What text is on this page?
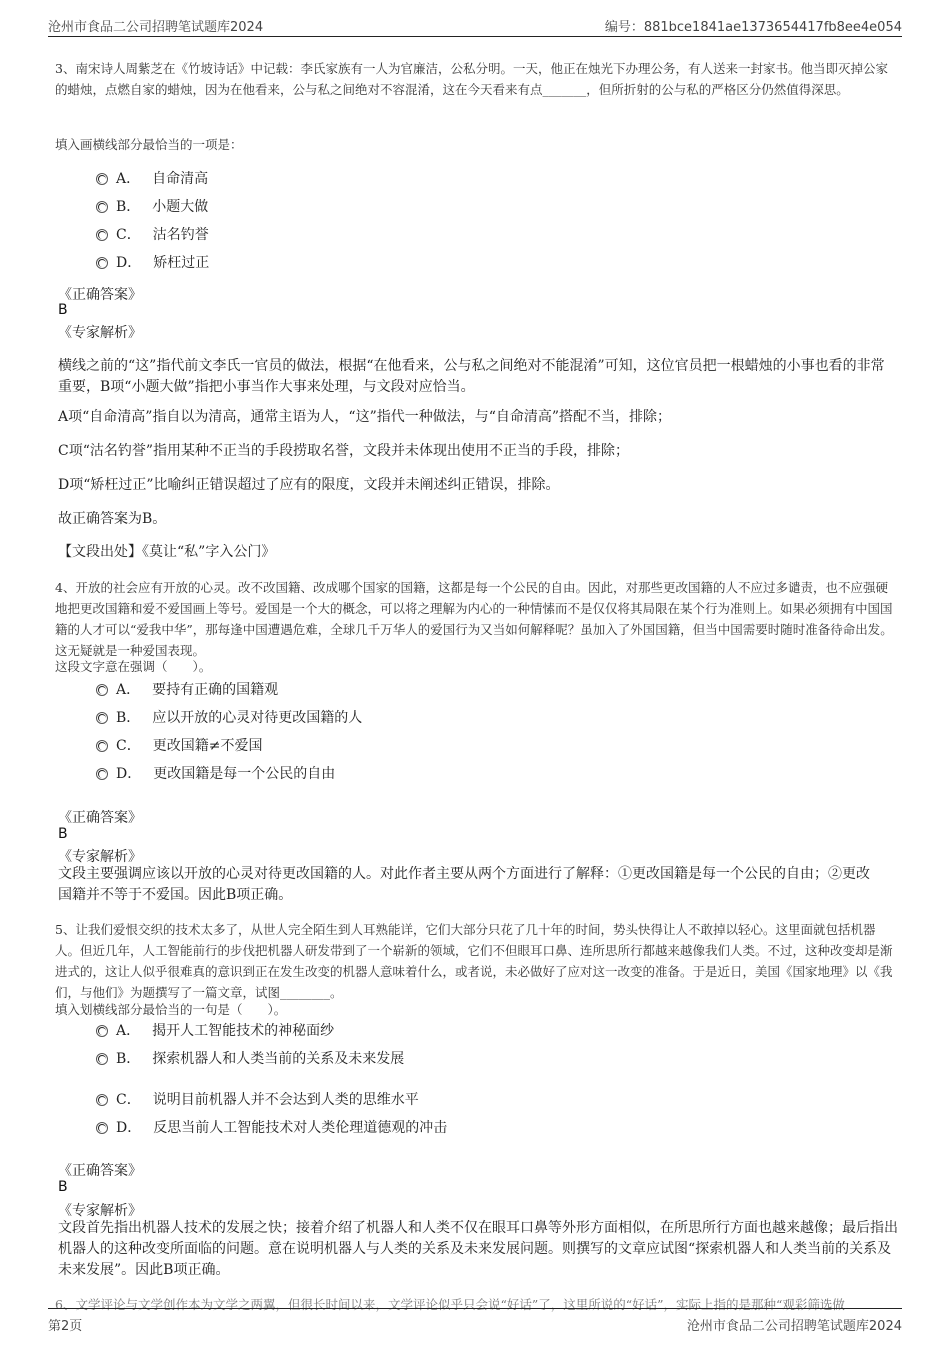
沧州市食品二公司招聘笔试题库2024	编号：881bce1841ae1373654417fb8ee4e054
3、南宋诗人周紫芝在《竹坡诗话》中记载：李氏家族有一人为官廉洁，公私分明。一天，他正在烛光下办理公务，有人送来一封家书。他当即灭掉公家的蜡烛，点燃自家的蜡烛，因为在他看来，公与私之间绝对不容混淆，这在今天看来有点_______，但所折射的公与私的严格区分仍然值得深思。
填入画横线部分最恰当的一项是：
A． 自命清高
B． 小题大做
C． 沽名钓誉
D． 矫枉过正
《正确答案》
B
《专家解析》
横线之前的“这”指代前文李氏一官员的做法，根据“在他看来，公与私之间绝对不能混淆”可知，这位官员把一根蜡烛的小事也看的非常重要，B项“小题大做”指把小事当作大事来处理，与文段对应恰当。
A项“自命清高”指自以为清高，通常主语为人，“这”指代一种做法，与“自命清高”搭配不当，排除；
C项“沽名钓誉”指用某种不正当的手段捞取名誉，文段并未体现出使用不正当的手段，排除；
D项“矫枉过正”比喻纠正错误超过了应有的限度，文段并未阐述纠正错误，排除。
故正确答案为B。
【文段出处】《莫让“私”字入公门》
4、开放的社会应有开放的心灵。改不改国籍、改成哪个国家的国籍，这都是每一个公民的自由。因此，对那些更改国籍的人不应过多谴责，也不应强硬地把更改国籍和爱不爱国画上等号。爱国是一个大的概念，可以将之理解为内心的一种情愫而不是仅仅将其局限在某个行为准则上。如果必须拥有中国国籍的人才可以“爱我中华”，那每逢中国遭遇危难，全球几千万华人的爱国行为又当如何解释呢？虽加入了外国国籍，但当中国需要时随时准备待命出发。这无疑就是一种爱国表现。
这段文字意在强调（　　）。
A． 要持有正确的国籍观
B． 应以开放的心灵对待更改国籍的人
C． 更改国籍≠不爱国
D． 更改国籍是每一个公民的自由
《正确答案》
B
《专家解析》
文段主要强调应该以开放的心灵对待更改国籍的人。对此作者主要从两个方面进行了解释：①更改国籍是每一个公民的自由；②更改国籍并不等于不爱国。因此B项正确。
5、让我们爱恨交织的技术太多了，从世人完全陌生到人耳熟能详，它们大部分只花了几十年的时间，势头快得让人不敢掉以轻心。这里面就包括机器人。但近几年，人工智能前行的步伐把机器人研发带到了一个崭新的领域，它们不但眼耳口鼻、连所思所行都越来越像我们人类。不过，这种改变却是渐进式的，这让人似乎很难真的意识到正在发生改变的机器人意味着什么，或者说，未必做好了应对这一改变的准备。于是近日，美国《国家地理》以《我们，与他们》为题撰写了一篇文章，试图________。
填入划横线部分最恰当的一句是（　　）。
A． 揭开人工智能技术的神秘面纱
B． 探索机器人和人类当前的关系及未来发展
C． 说明目前机器人并不会达到人类的思维水平
D． 反思当前人工智能技术对人类伦理道德观的冲击
《正确答案》
B
《专家解析》
文段首先指出机器人技术的发展之快；接着介绍了机器人和人类不仅在眼耳口鼻等外形方面相似，在所思所行方面也越来越像；最后指出机器人的这种改变所面临的问题。意在说明机器人与人类的关系及未来发展问题。则撰写的文章应试图“探索机器人和人类当前的关系及未来发展”。因此B项正确。
6、文学评论与文学创作本为文学之两翼，但很长时间以来，文学评论似乎只会说“好话”了，这里所说的“好话”，实际上指的是那种“观彩筛选做
第2页	沧州市食品二公司招聘笔试题库2024
